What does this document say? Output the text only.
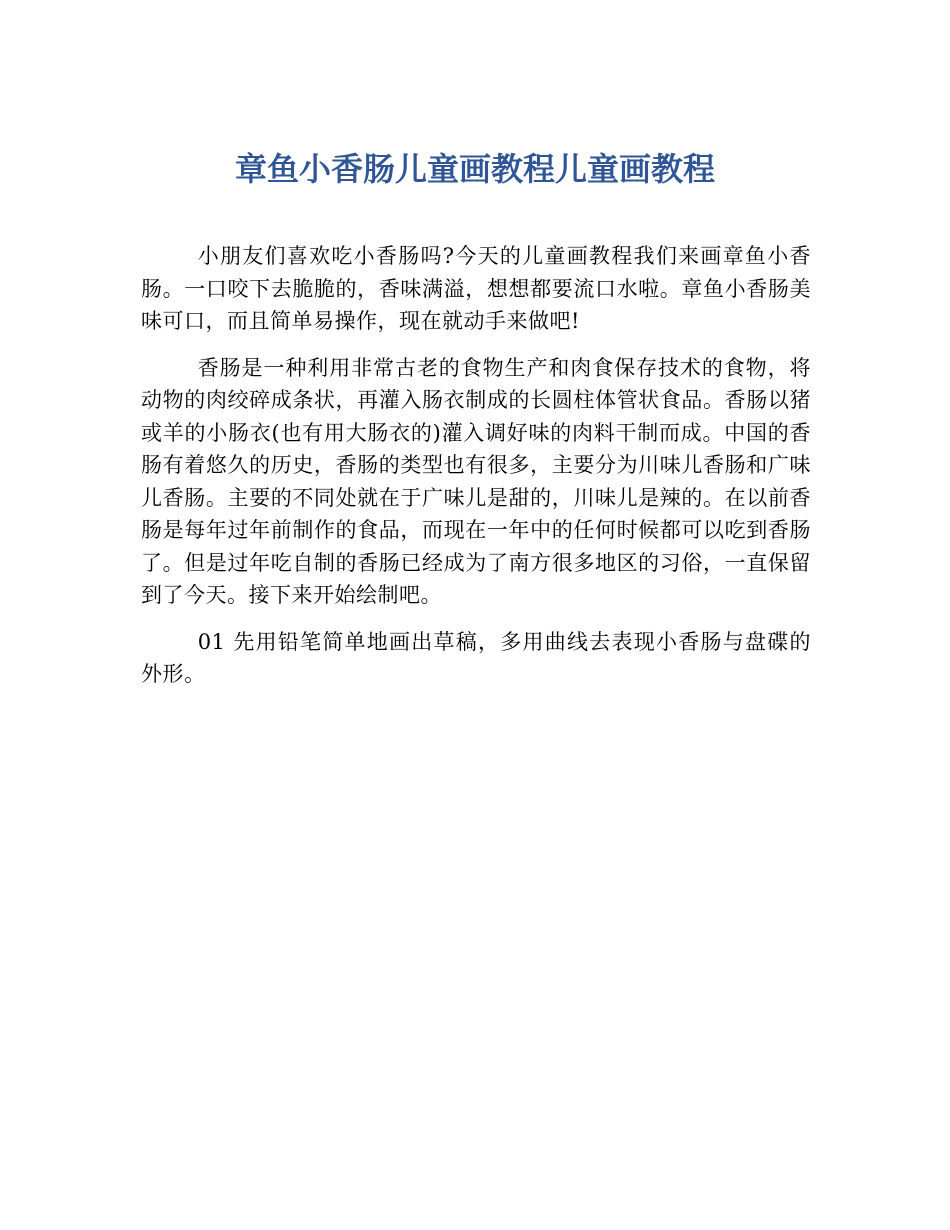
章鱼小香肠儿童画教程儿童画教程

小朋友们喜欢吃小香肠吗?今天的儿童画教程我们来画章鱼小香肠。一口咬下去脆脆的，香味满溢，想想都要流口水啦。章鱼小香肠美味可口，而且简单易操作，现在就动手来做吧!

香肠是一种利用非常古老的食物生产和肉食保存技术的食物，将动物的肉绞碎成条状，再灌入肠衣制成的长圆柱体管状食品。香肠以猪或羊的小肠衣(也有用大肠衣的)灌入调好味的肉料干制而成。中国的香肠有着悠久的历史，香肠的类型也有很多，主要分为川味儿香肠和广味儿香肠。主要的不同处就在于广味儿是甜的，川味儿是辣的。在以前香肠是每年过年前制作的食品，而现在一年中的任何时候都可以吃到香肠了。但是过年吃自制的香肠已经成为了南方很多地区的习俗，一直保留到了今天。接下来开始绘制吧。

01 先用铅笔简单地画出草稿，多用曲线去表现小香肠与盘碟的外形。
